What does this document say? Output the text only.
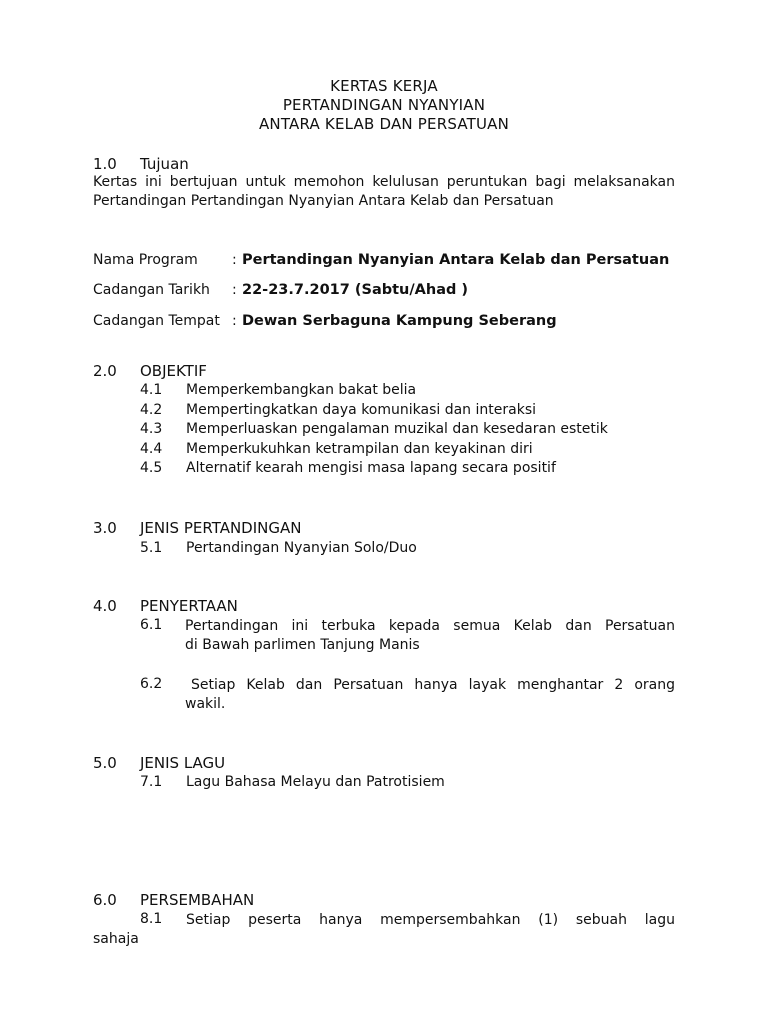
KERTAS KERJA
PERTANDINGAN NYANYIAN
ANTARA KELAB DAN PERSATUAN
1.0 Tujuan
Kertas ini bertujuan untuk memohon kelulusan peruntukan bagi melaksanakan
Pertandingan Pertandingan Nyanyian Antara Kelab dan Persatuan
Nama Program : Pertandingan Nyanyian Antara Kelab dan Persatuan
Cadangan Tarikh : 22-23.7.2017 (Sabtu/Ahad )
Cadangan Tempat : Dewan Serbaguna Kampung Seberang
2.0 OBJEKTIF
4.1 Memperkembangkan bakat belia
4.2 Mempertingkatkan daya komunikasi dan interaksi
4.3 Memperluaskan pengalaman muzikal dan kesedaran estetik
4.4 Memperkukuhkan ketrampilan dan keyakinan diri
4.5 Alternatif kearah mengisi masa lapang secara positif
3.0 JENIS PERTANDINGAN
5.1 Pertandingan Nyanyian Solo/Duo
4.0 PENYERTAAN
6.1 Pertandingan ini terbuka kepada semua Kelab dan Persatuan
di Bawah parlimen Tanjung Manis
6.2 Setiap Kelab dan Persatuan hanya layak menghantar 2 orang
wakil.
5.0 JENIS LAGU
7.1 Lagu Bahasa Melayu dan Patrotisiem
6.0 PERSEMBAHAN
8.1 Setiap peserta hanya mempersembahkan (1) sebuah lagu
sahaja
